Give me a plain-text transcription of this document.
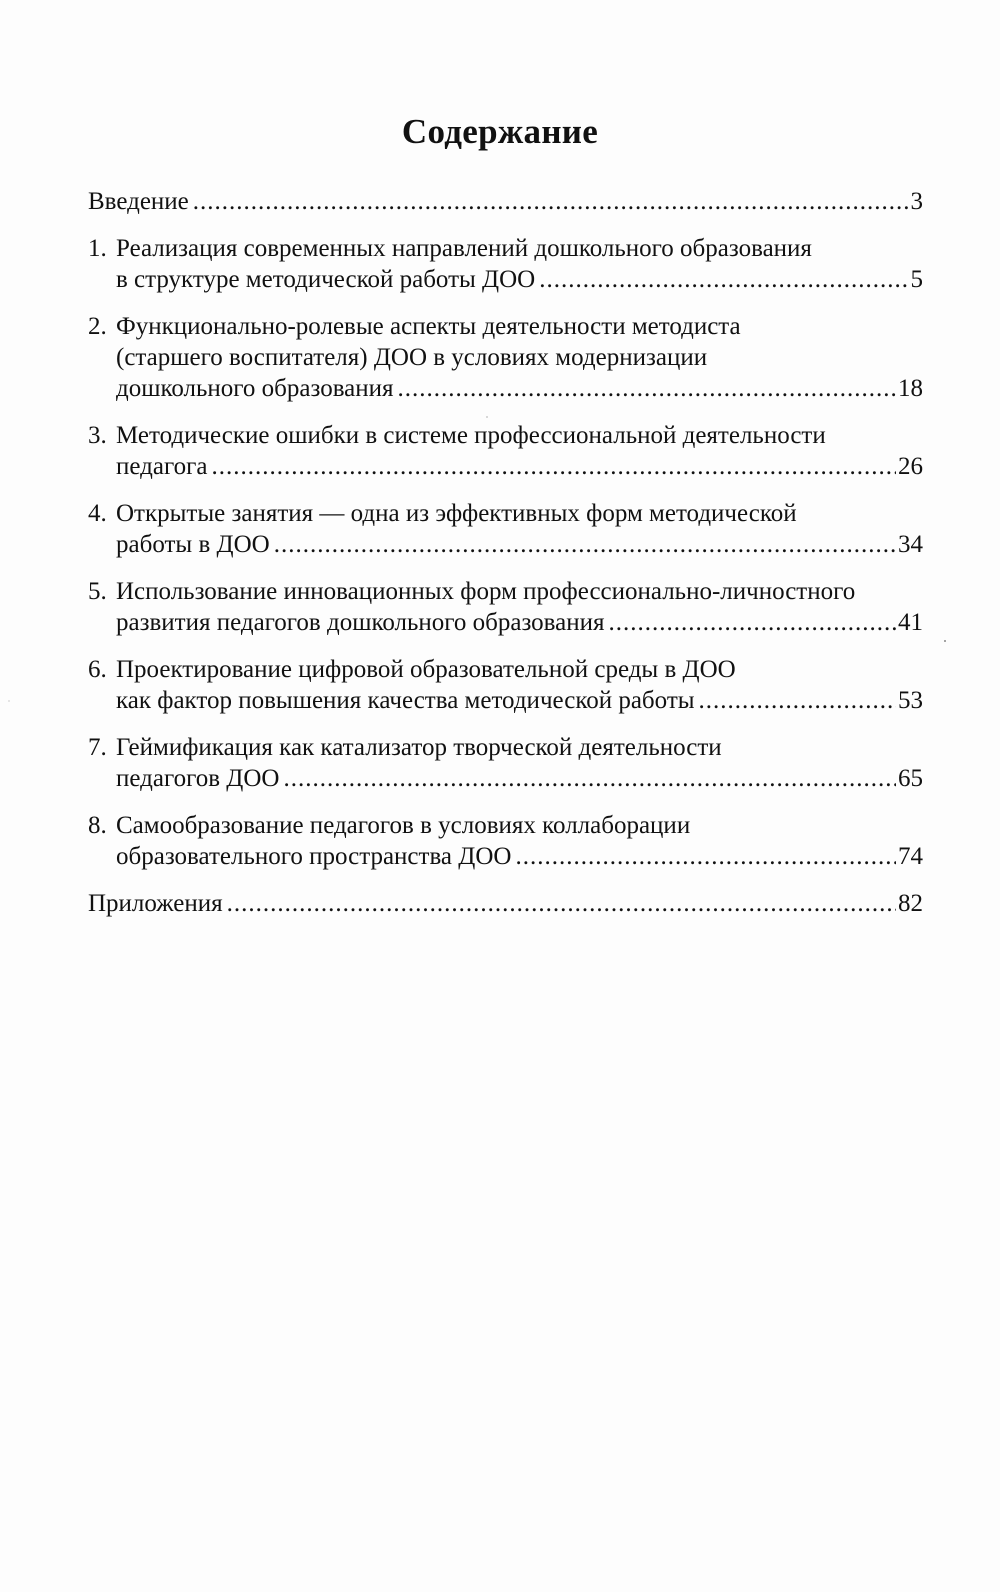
Содержание
Введение .....	3
1. Реализация современных направлений дошкольного образования
в структуре методической работы ДОО .....	5
2. Функционально-ролевые аспекты деятельности методиста
(старшего воспитателя) ДОО в условиях модернизации
дошкольного образования .....	18
3. Методические ошибки в системе профессиональной деятельности
педагога .....	26
4. Открытые занятия — одна из эффективных форм методической
работы в ДОО .....	34
5. Использование инновационных форм профессионально-личностного
развития педагогов дошкольного образования .....	41
6. Проектирование цифровой образовательной среды в ДОО
как фактор повышения качества методической работы .....	53
7. Геймификация как катализатор творческой деятельности
педагогов ДОО .....	65
8. Самообразование педагогов в условиях коллаборации
образовательного пространства ДОО .....	74
Приложения .....	82
